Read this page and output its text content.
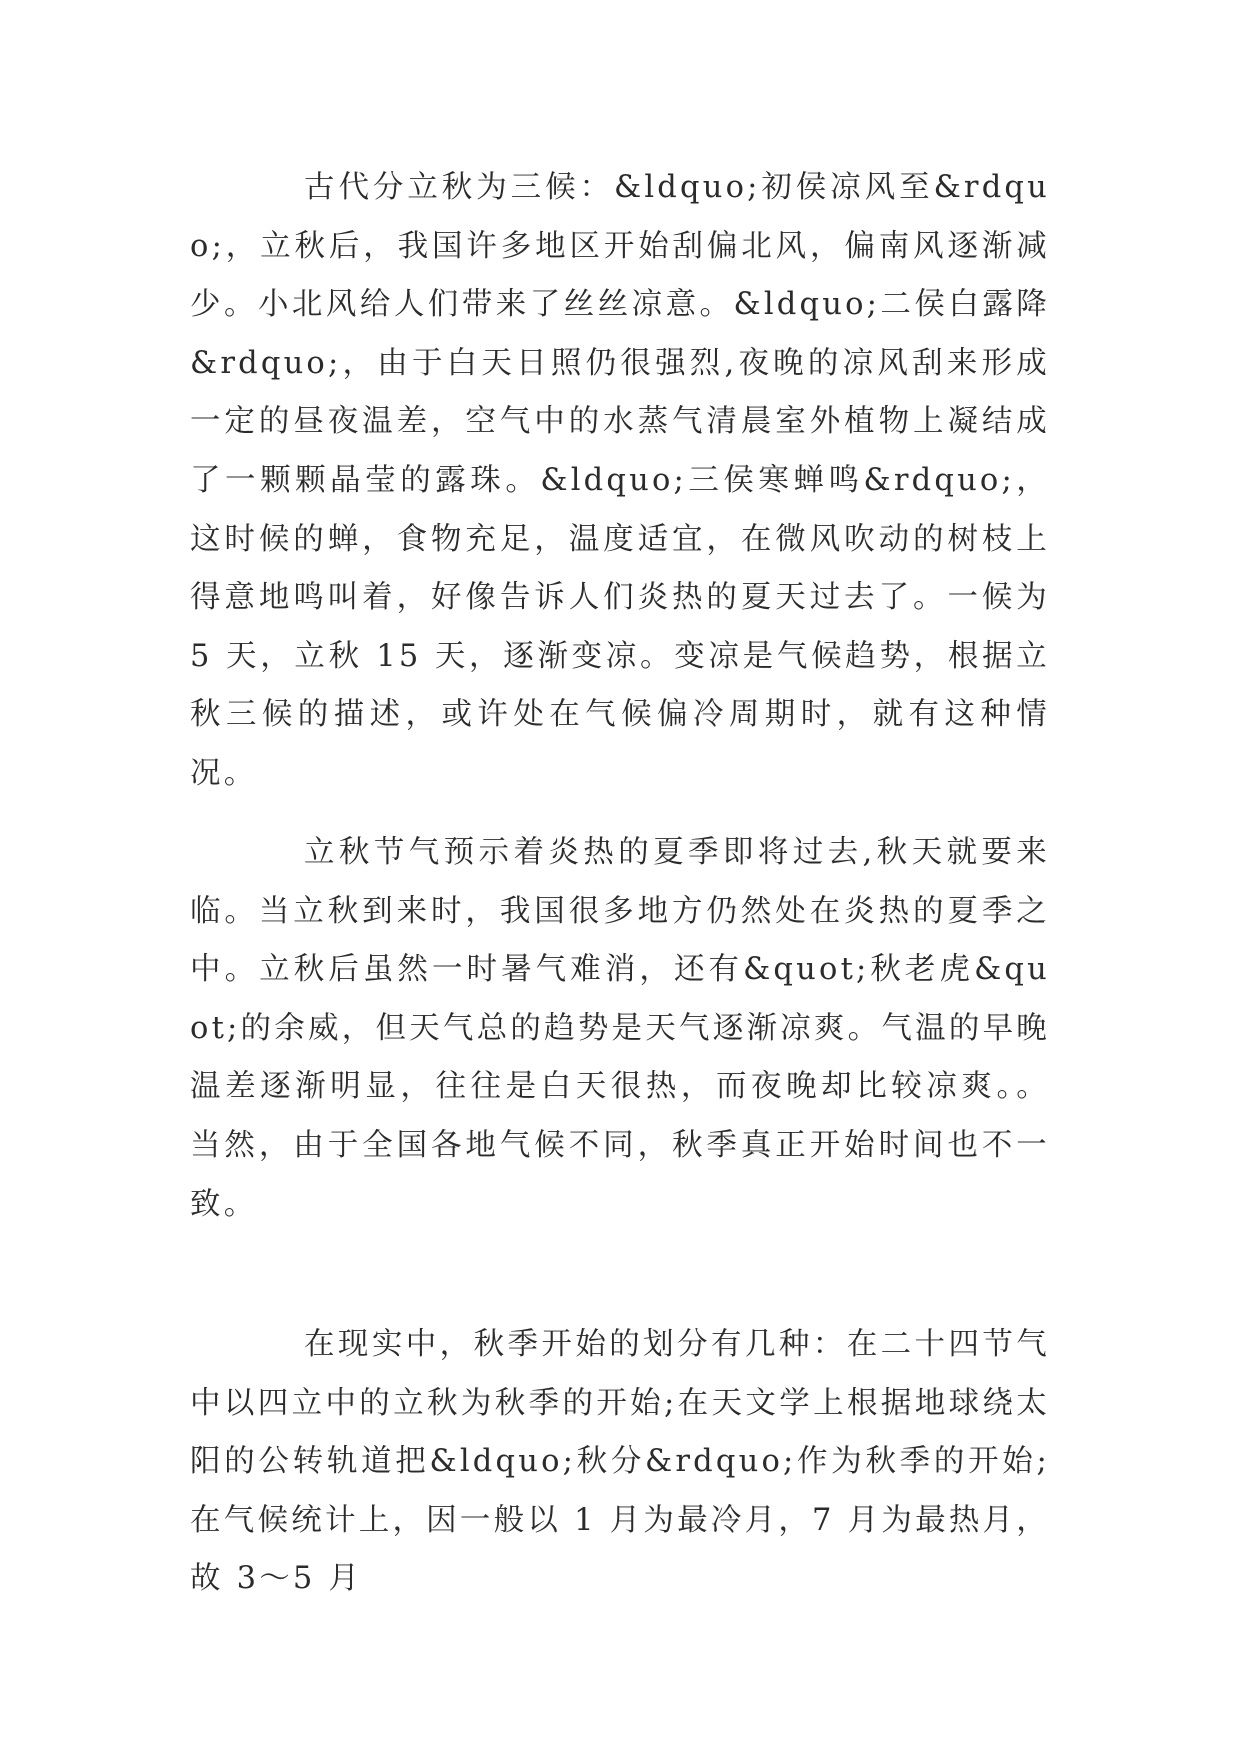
古代分立秋为三候：&ldquo;初侯凉风至&rdquo;，立秋后，我国许多地区开始刮偏北风，偏南风逐渐减少。小北风给人们带来了丝丝凉意。&ldquo;二侯白露降&rdquo;，由于白天日照仍很强烈,夜晚的凉风刮来形成一定的昼夜温差，空气中的水蒸气清晨室外植物上凝结成了一颗颗晶莹的露珠。&ldquo;三侯寒蝉鸣&rdquo;，这时候的蝉，食物充足，温度适宜，在微风吹动的树枝上得意地鸣叫着，好像告诉人们炎热的夏天过去了。一候为 5 天，立秋 15 天，逐渐变凉。变凉是气候趋势，根据立秋三候的描述，或许处在气候偏冷周期时，就有这种情况。

立秋节气预示着炎热的夏季即将过去,秋天就要来临。当立秋到来时，我国很多地方仍然处在炎热的夏季之中。立秋后虽然一时暑气难消，还有&quot;秋老虎&quot;的余威，但天气总的趋势是天气逐渐凉爽。气温的早晚温差逐渐明显，往往是白天很热，而夜晚却比较凉爽。。当然，由于全国各地气候不同，秋季真正开始时间也不一致。

在现实中，秋季开始的划分有几种：在二十四节气中以四立中的立秋为秋季的开始;在天文学上根据地球绕太阳的公转轨道把&ldquo;秋分&rdquo;作为秋季的开始;在气候统计上，因一般以 1 月为最冷月，7 月为最热月，故 3～5 月
